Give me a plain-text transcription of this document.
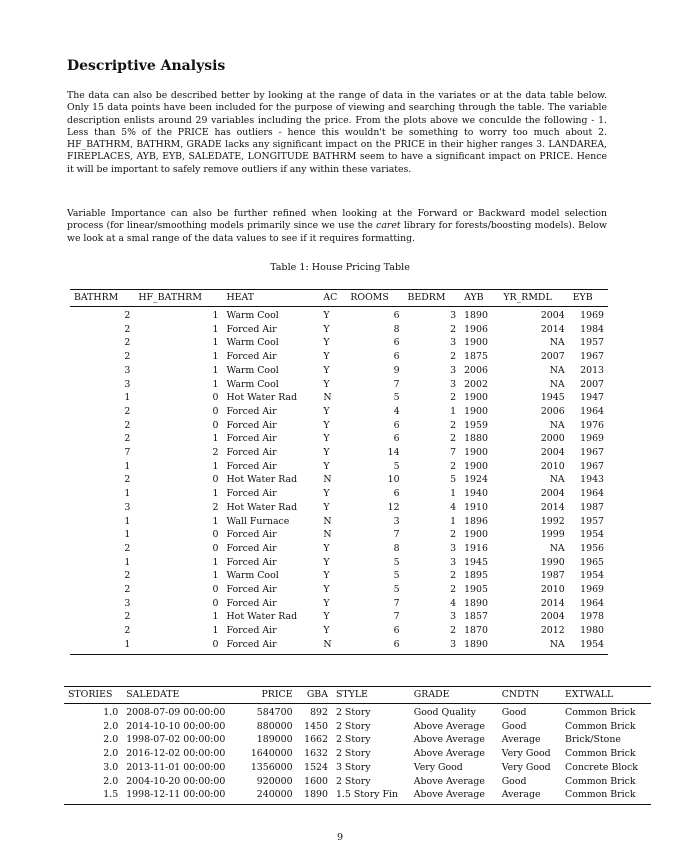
Descriptive Analysis
The data can also be described better by looking at the range of data in the variates or at the data table below. Only 15 data points have been included for the purpose of viewing and searching through the table. The variable description enlists around 29 variables including the price. From the plots above we conculde the following - 1. Less than 5% of the PRICE has outliers - hence this wouldn't be something to worry too much about 2. HF_BATHRM, BATHRM, GRADE lacks any significant impact on the PRICE in their higher ranges 3. LANDAREA, FIREPLACES, AYB, EYB, SALEDATE, LONGITUDE BATHRM seem to have a significant impact on PRICE. Hence it will be important to safely remove outliers if any within these variates.
Variable Importance can also be further refined when looking at the Forward or Backward model selection process (for linear/smoothing models primarily since we use the caret library for forests/boosting models). Below we look at a smal range of the data values to see if it requires formatting.
Table 1: House Pricing Table
BATHRM	HF_BATHRM	HEAT	AC	ROOMS	BEDRM	AYB	YR_RMDL	EYB
2	1	Warm Cool	Y	6	3	1890	2004	1969
2	1	Forced Air	Y	8	2	1906	2014	1984
2	1	Warm Cool	Y	6	3	1900	NA	1957
2	1	Forced Air	Y	6	2	1875	2007	1967
3	1	Warm Cool	Y	9	3	2006	NA	2013
3	1	Warm Cool	Y	7	3	2002	NA	2007
1	0	Hot Water Rad	N	5	2	1900	1945	1947
2	0	Forced Air	Y	4	1	1900	2006	1964
2	0	Forced Air	Y	6	2	1959	NA	1976
2	1	Forced Air	Y	6	2	1880	2000	1969
7	2	Forced Air	Y	14	7	1900	2004	1967
1	1	Forced Air	Y	5	2	1900	2010	1967
2	0	Hot Water Rad	N	10	5	1924	NA	1943
1	1	Forced Air	Y	6	1	1940	2004	1964
3	2	Hot Water Rad	Y	12	4	1910	2014	1987
1	1	Wall Furnace	N	3	1	1896	1992	1957
1	0	Forced Air	N	7	2	1900	1999	1954
2	0	Forced Air	Y	8	3	1916	NA	1956
1	1	Forced Air	Y	5	3	1945	1990	1965
2	1	Warm Cool	Y	5	2	1895	1987	1954
2	0	Forced Air	Y	5	2	1905	2010	1969
3	0	Forced Air	Y	7	4	1890	2014	1964
2	1	Hot Water Rad	Y	7	3	1857	2004	1978
2	1	Forced Air	Y	6	2	1870	2012	1980
1	0	Forced Air	N	6	3	1890	NA	1954
STORIES	SALEDATE	PRICE	GBA	STYLE	GRADE	CNDTN	EXTWALL
1.0	2008-07-09 00:00:00	584700	892	2 Story	Good Quality	Good	Common Brick
2.0	2014-10-10 00:00:00	880000	1450	2 Story	Above Average	Good	Common Brick
2.0	1998-07-02 00:00:00	189000	1662	2 Story	Above Average	Average	Brick/Stone
2.0	2016-12-02 00:00:00	1640000	1632	2 Story	Above Average	Very Good	Common Brick
3.0	2013-11-01 00:00:00	1356000	1524	3 Story	Very Good	Very Good	Concrete Block
2.0	2004-10-20 00:00:00	920000	1600	2 Story	Above Average	Good	Common Brick
1.5	1998-12-11 00:00:00	240000	1890	1.5 Story Fin	Above Average	Average	Common Brick
9
